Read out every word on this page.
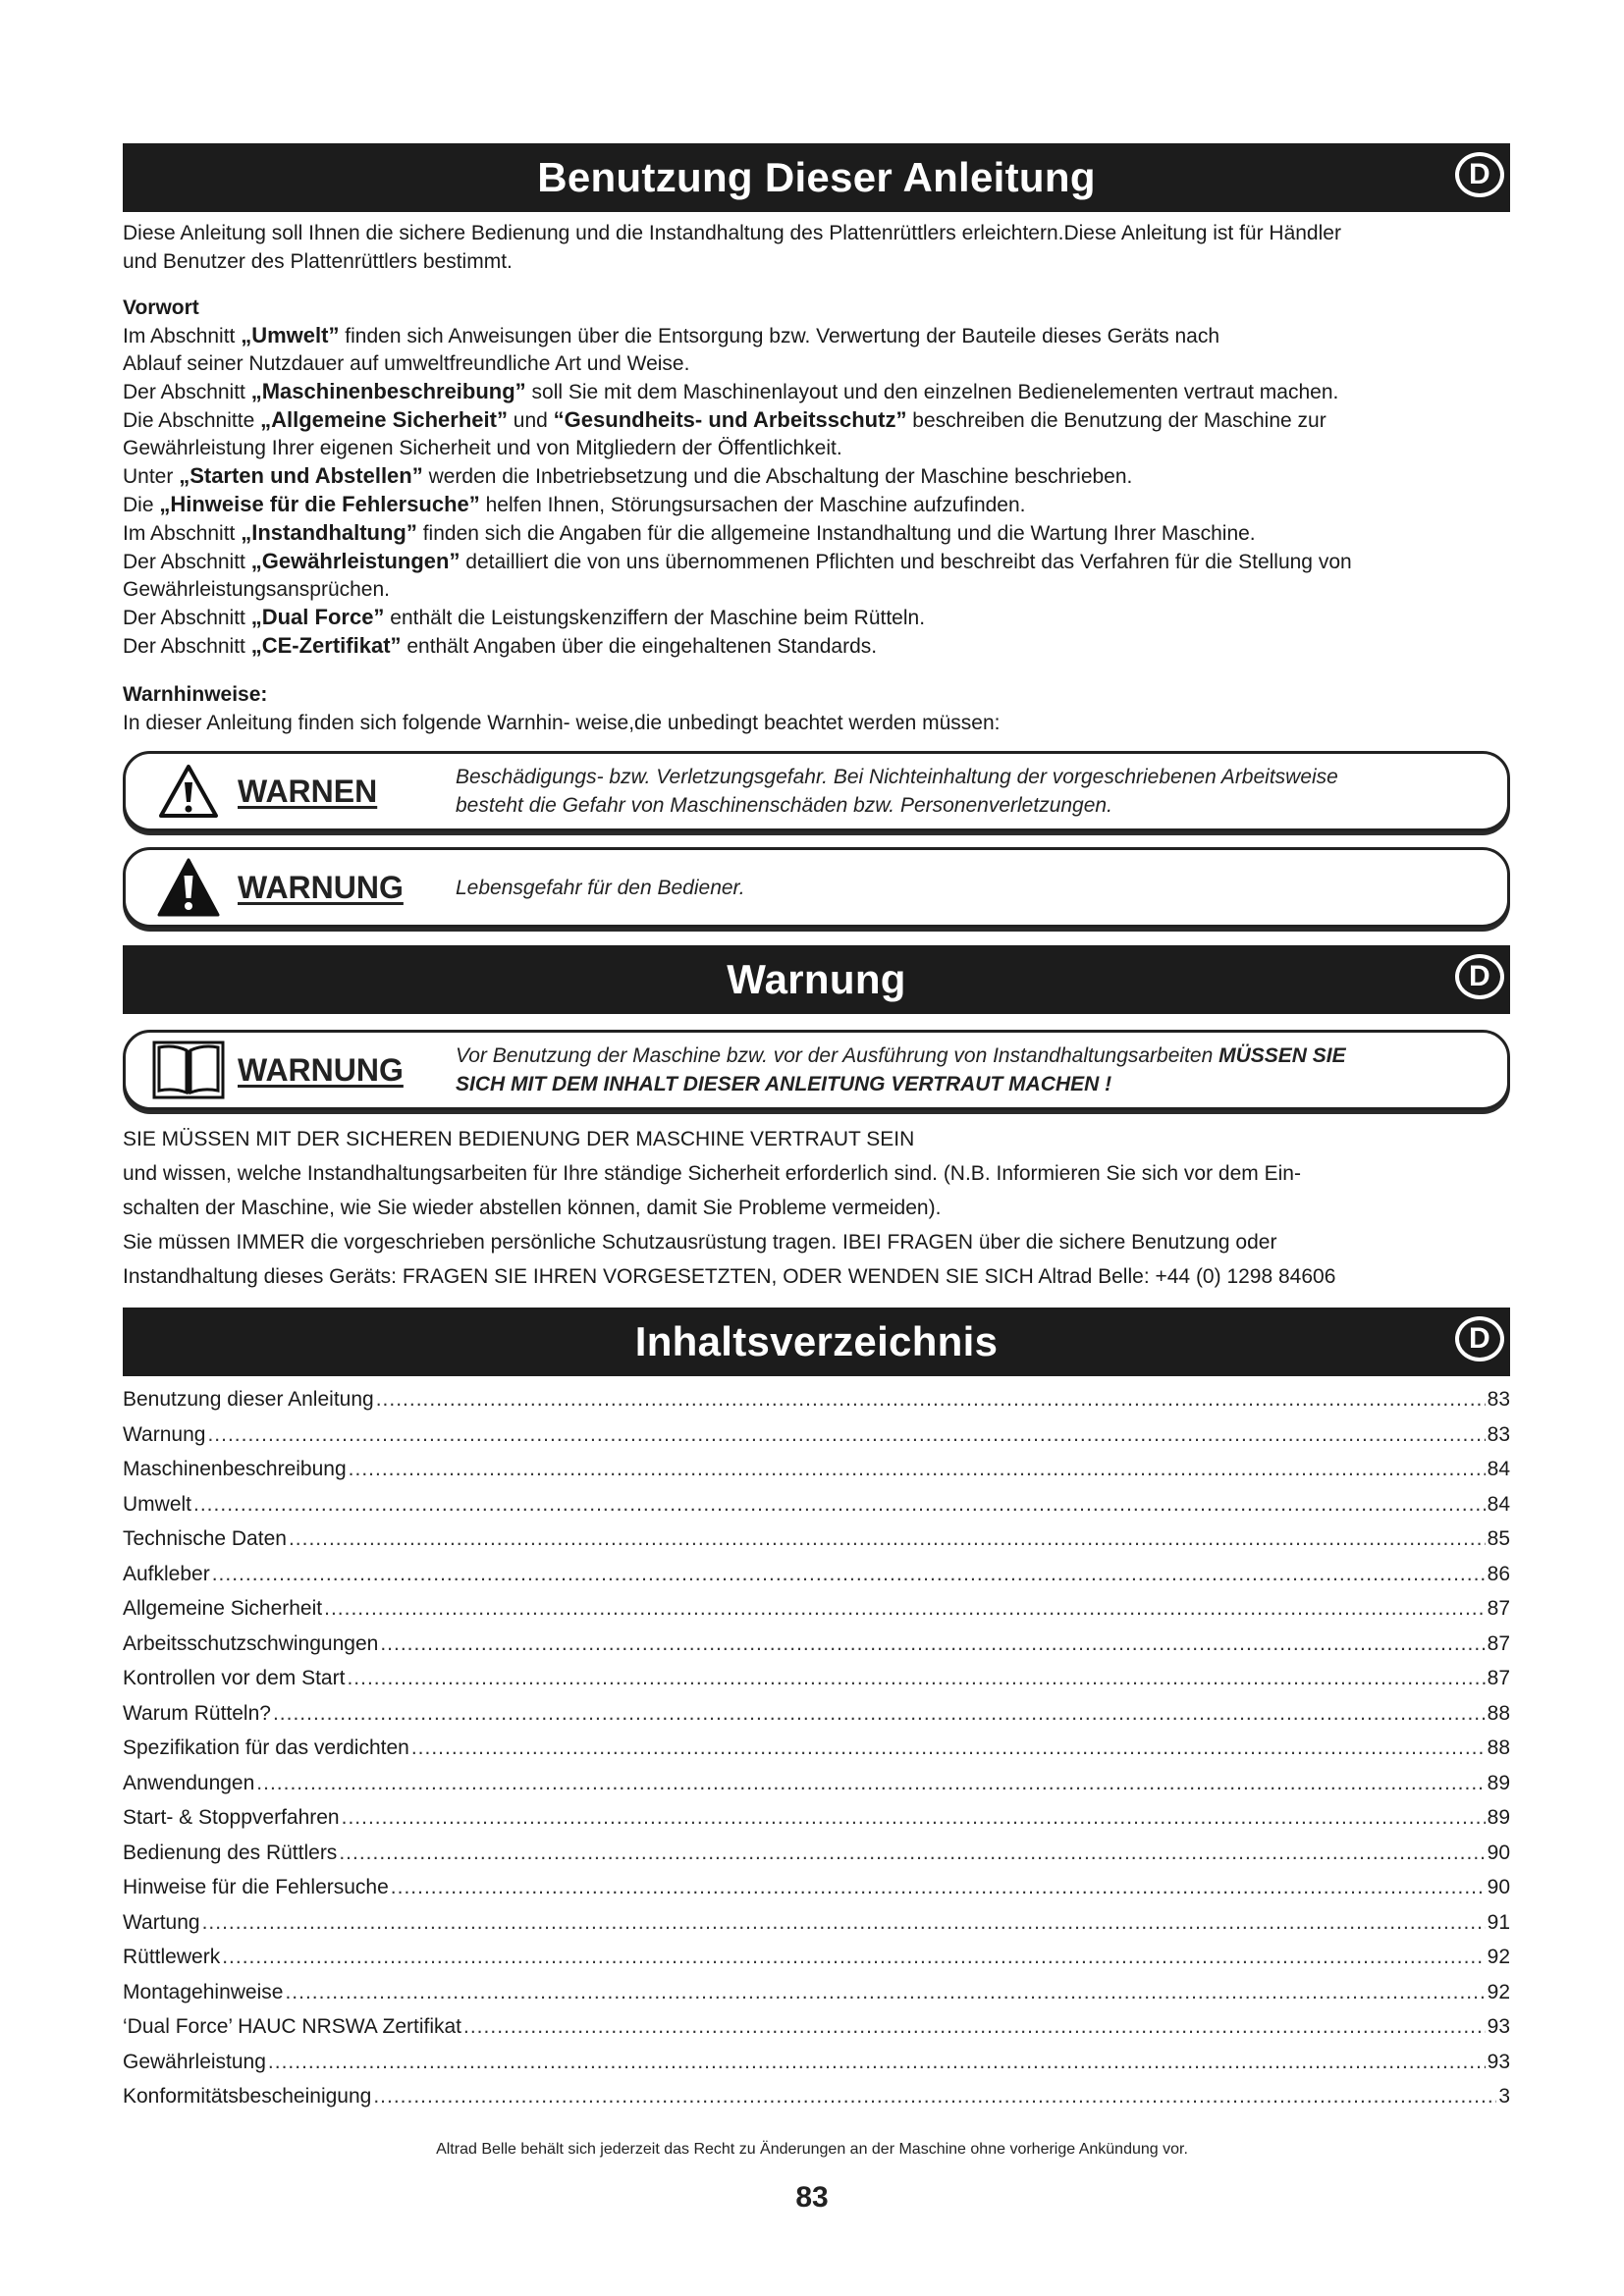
Benutzung Dieser Anleitung	D

Diese Anleitung soll Ihnen die sichere Bedienung und die Instandhaltung des Plattenrüttlers erleichtern.Diese Anleitung ist für Händler
und Benutzer des Plattenrüttlers bestimmt.

Vorwort

Im Abschnitt „Umwelt” finden sich Anweisungen über die Entsorgung bzw. Verwertung der Bauteile dieses Geräts nach

Ablauf seiner Nutzdauer auf umweltfreundliche Art und Weise.

Der Abschnitt „Maschinenbeschreibung” soll Sie mit dem Maschinenlayout und den einzelnen Bedienelementen vertraut machen.

Die Abschnitte „Allgemeine Sicherheit” und “Gesundheits- und Arbeitsschutz” beschreiben die Benutzung der Maschine zur

Gewährleistung Ihrer eigenen Sicherheit und von Mitgliedern der Öffentlichkeit.

Unter „Starten und Abstellen” werden die Inbetriebsetzung und die Abschaltung der Maschine beschrieben.

Die „Hinweise für die Fehlersuche” helfen Ihnen, Störungsursachen der Maschine aufzufinden.

Im Abschnitt „Instandhaltung” finden sich die Angaben für die allgemeine Instandhaltung und die Wartung Ihrer Maschine.

Der Abschnitt „Gewährleistungen” detailliert die von uns übernommenen Pflichten und beschreibt das Verfahren für die Stellung von

Gewährleistungsansprüchen.

Der Abschnitt „Dual Force” enthält die Leistungskenziffern der Maschine beim Rütteln.

Der Abschnitt „CE-Zertifikat” enthält Angaben über die eingehaltenen Standards.

Warnhinweise:

In dieser Anleitung finden sich folgende Warnhin- weise,die unbedingt beachtet werden müssen:

WARNEN	Beschädigungs- bzw. Verletzungsgefahr. Bei Nichteinhaltung der vorgeschriebenen Arbeitsweise
besteht die Gefahr von Maschinenschäden bzw. Personenverletzungen.
WARNUNG	Lebensgefahr für den Bediener.
Warnung	D
WARNUNG	Vor Benutzung der Maschine bzw. vor der Ausführung von Instandhaltungsarbeiten MÜSSEN SIE
SICH MIT DEM INHALT DIESER ANLEITUNG VERTRAUT MACHEN !

SIE MÜSSEN MIT DER SICHEREN BEDIENUNG DER MASCHINE VERTRAUT SEIN

und wissen, welche Instandhaltungsarbeiten für Ihre ständige Sicherheit erforderlich sind. (N.B. Informieren Sie sich vor dem Ein-

schalten der Maschine, wie Sie wieder abstellen können, damit Sie Probleme vermeiden).

Sie müssen IMMER die vorgeschrieben persönliche Schutzausrüstung tragen. IBEI FRAGEN über die sichere Benutzung oder

Instandhaltung dieses Geräts: FRAGEN SIE IHREN VORGESETZTEN, ODER WENDEN SIE SICH Altrad Belle: +44 (0) 1298 84606

Inhaltsverzeichnis	D
Benutzung dieser Anleitung .....	83
Warnung .....	83
Maschinenbeschreibung .....	84
Umwelt .....	84
Technische Daten .....	85
Aufkleber .....	86
Allgemeine Sicherheit .....	87
Arbeitsschutzschwingungen .....	87
Kontrollen vor dem Start .....	87
Warum Rütteln? .....	88
Spezifikation für das verdichten .....	88
Anwendungen .....	89
Start- & Stoppverfahren .....	89
Bedienung des Rüttlers .....	90
Hinweise für die Fehlersuche .....	90
Wartung .....	91
Rüttlewerk .....	92
Montagehinweise .....	92
‘Dual Force’ HAUC NRSWA Zertifikat .....	93
Gewährleistung .....	93
Konformitätsbescheinigung .....	3
Altrad Belle behält sich jederzeit das Recht zu Änderungen an der Maschine ohne vorherige Ankündung vor.
83
